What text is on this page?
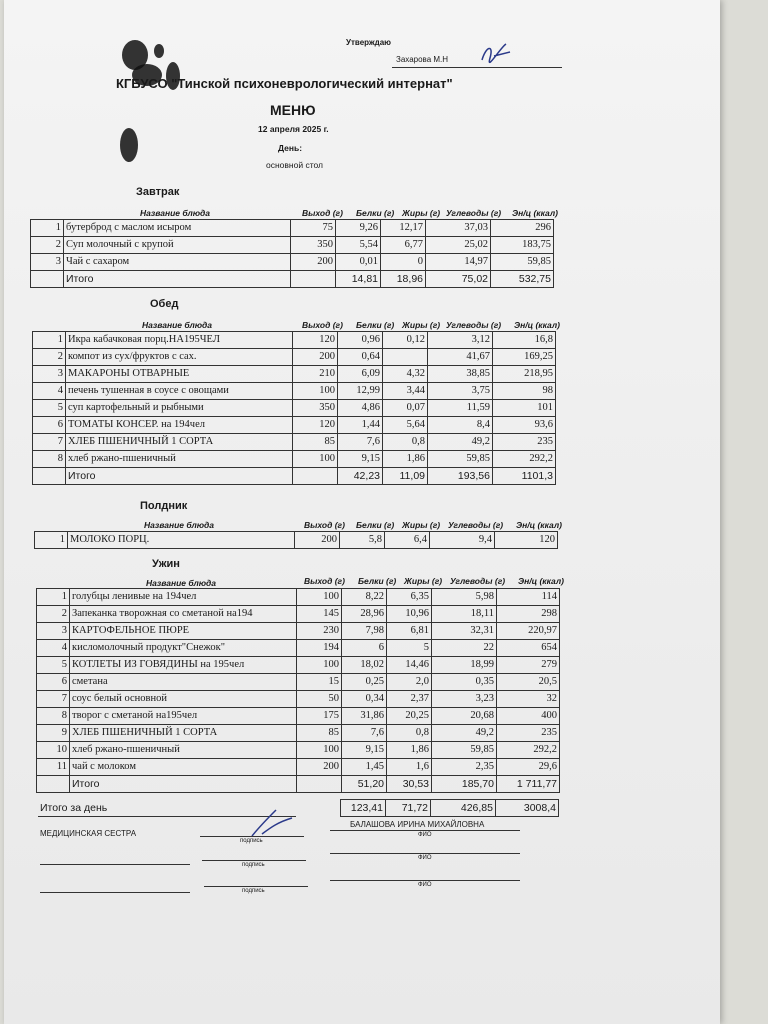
Утверждаю
Захарова М.Н
КГБУСО "Тинской психоневрологический интернат"
МЕНЮ
12 апреля 2025 г.
День:
основной стол
Завтрак
Название блюда	Выход (г) Белки (г) Жиры (г) Углеводы (г) Эн/ц (ккал)
1	бутерброд с маслом исыром	75	9,26	12,17	37,03	296
2	Суп молочный с крупой	350	5,54	6,77	25,02	183,75
3	Чай с сахаром	200	0,01	0	14,97	59,85
	Итого		14,81	18,96	75,02	532,75
Обед
Название блюда	Выход (г) Белки (г) Жиры (г) Углеводы (г) Эн/ц (ккал)
1	Икра кабачковая порц.НА195ЧЕЛ	120	0,96	0,12	3,12	16,8
2	компот из сух/фруктов с сах.	200	0,64		41,67	169,25
3	МАКАРОНЫ ОТВАРНЫЕ	210	6,09	4,32	38,85	218,95
4	печень тушенная в соусе с овощами	100	12,99	3,44	3,75	98
5	суп картофельный и рыбными	350	4,86	0,07	11,59	101
6	ТОМАТЫ КОНСЕР. на 194чел	120	1,44	5,64	8,4	93,6
7	ХЛЕБ ПШЕНИЧНЫЙ 1 СОРТА	85	7,6	0,8	49,2	235
8	хлеб ржано-пшеничный	100	9,15	1,86	59,85	292,2
	Итого		42,23	11,09	193,56	1101,3
Полдник
Название блюда	Выход (г) Белки (г) Жиры (г) Углеводы (г) Эн/ц (ккал)
1	МОЛОКО ПОРЦ.	200	5,8	6,4	9,4	120
Ужин
Название блюда	Выход (г) Белки (г) Жиры (г) Углеводы (г) Эн/ц (ккал)
1	голубцы ленивые на 194чел	100	8,22	6,35	5,98	114
2	Запеканка творожная со сметаной на194	145	28,96	10,96	18,11	298
3	КАРТОФЕЛЬНОЕ ПЮРЕ	230	7,98	6,81	32,31	220,97
4	кисломолочный продукт"Снежок"	194	6	5	22	654
5	КОТЛЕТЫ ИЗ ГОВЯДИНЫ на 195чел	100	18,02	14,46	18,99	279
6	сметана	15	0,25	2,0	0,35	20,5
7	соус белый основной	50	0,34	2,37	3,23	32
8	творог с сметаной на195чел	175	31,86	20,25	20,68	400
9	ХЛЕБ ПШЕНИЧНЫЙ 1 СОРТА	85	7,6	0,8	49,2	235
10	хлеб ржано-пшеничный	100	9,15	1,86	59,85	292,2
11	чай с молоком	200	1,45	1,6	2,35	29,6
	Итого		51,20	30,53	185,70	1 711,77
Итого за день		123,41	71,72	426,85	3008,4
МЕДИЦИНСКАЯ СЕСТРА
БАЛАШОВА ИРИНА МИХАЙЛОВНА
подпись
ФИО
подпись
ФИО
подпись
ФИО
